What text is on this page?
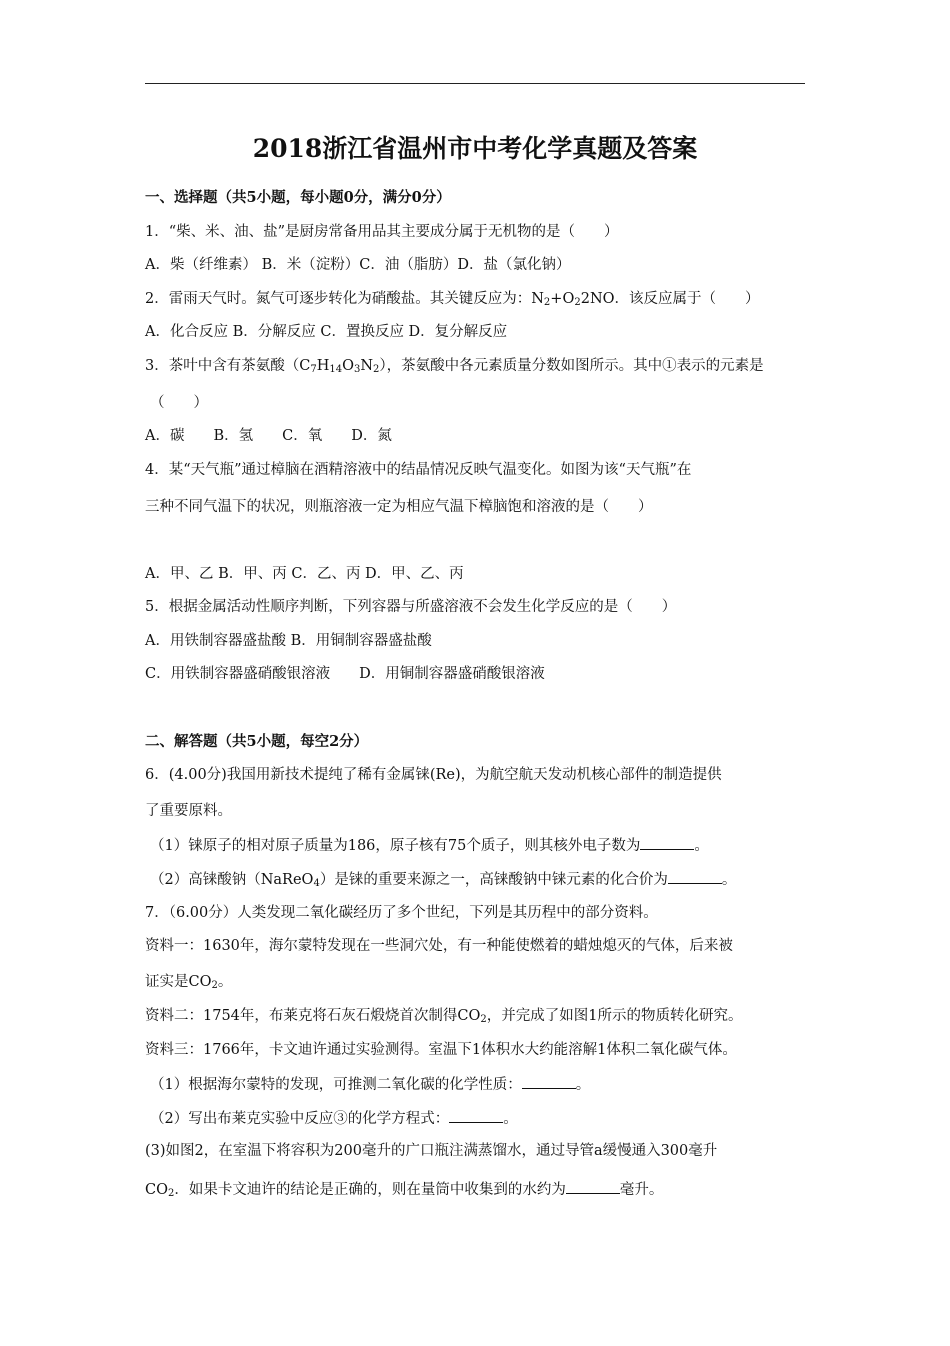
2018浙江省温州市中考化学真题及答案
一、选择题（共5小题，每小题0分，满分0分）
1．“柴、米、油、盐”是厨房常备用品其主要成分属于无机物的是（　　）
A．柴（纤维素） B．米（淀粉）C．油（脂肪）D．盐（氯化钠）
2．雷雨天气时。氮气可逐步转化为硝酸盐。其关键反应为：$N_2+O_22NO$．该反应属于（　　）
A．化合反应 B．分解反应 C．置换反应 D．复分解反应
3．茶叶中含有茶氨酸$(C_7H_{14}O_3N_2)$，茶氨酸中各元素质量分数如图所示。其中①表示的元素是
（　　）
A．碳　　B．氢　　C．氧　　D．氮
4．某“天气瓶”通过樟脑在酒精溶液中的结晶情况反映气温变化。如图为该“天气瓶”在
三种不同气温下的状况，则瓶溶液一定为相应气温下樟脑饱和溶液的是（　　）
A．甲、乙 B．甲、丙 C．乙、丙 D．甲、乙、丙
5．根据金属活动性顺序判断，下列容器与所盛溶液不会发生化学反应的是（　　）
A．用铁制容器盛盐酸 B．用铜制容器盛盐酸
C．用铁制容器盛硝酸银溶液　　D．用铜制容器盛硝酸银溶液
二、解答题（共5小题，每空2分）
6．(4.00分)我国用新技术提纯了稀有金属铼(Re)，为航空航天发动机核心部件的制造提供
了重要原料。
（1）铼原子的相对原子质量为186，原子核有75个质子，则其核外电子数为	。
（2）高铼酸钠（NaReO$_4$）是铼的重要来源之一，高铼酸钠中铼元素的化合价为	。
7．（6.00分）人类发现二氧化碳经历了多个世纪，下列是其历程中的部分资料。
资料一：1630年，海尔蒙特发现在一些洞穴处，有一种能使燃着的蜡烛熄灭的气体，后来被
证实是$CO_2$。
资料二：1754年，布莱克将石灰石煅烧首次制得$CO_2$，并完成了如图1所示的物质转化研究。
资料三：1766年，卡文迪许通过实验测得。室温下1体积水大约能溶解1体积二氧化碳气体。
（1）根据海尔蒙特的发现，可推测二氧化碳的化学性质：	。
（2）写出布莱克实验中反应③的化学方程式：	。
(3)如图2，在室温下将容积为200毫升的广口瓶注满蒸馏水，通过导管a缓慢通入300毫升
$CO_2$．如果卡文迪许的结论是正确的，则在量筒中收集到的水约为	毫升。
